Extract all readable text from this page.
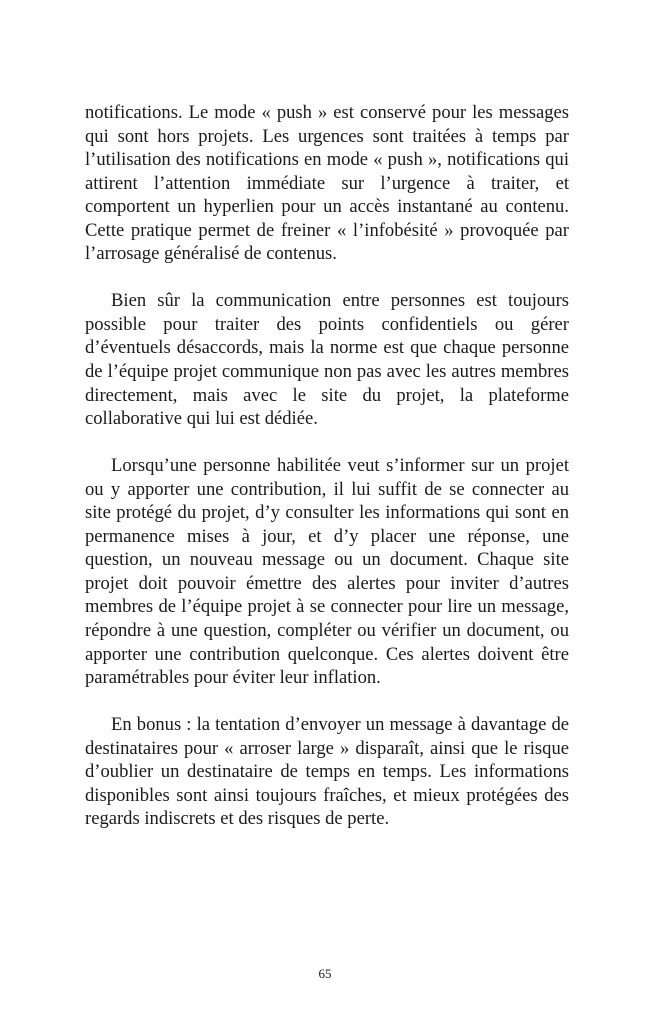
notifications. Le mode « push » est conservé pour les messages qui sont hors projets. Les urgences sont traitées à temps par l’utilisation des notifications en mode « push », notifications qui attirent l’attention immédiate sur l’urgence à traiter, et comportent un hyperlien pour un accès instantané au contenu. Cette pratique permet de freiner « l’infobésité » provoquée par l’arrosage généralisé de contenus.

Bien sûr la communication entre personnes est toujours possible pour traiter des points confidentiels ou gérer d’éventuels désaccords, mais la norme est que chaque personne de l’équipe projet communique non pas avec les autres membres directement, mais avec le site du projet, la plateforme collaborative qui lui est dédiée.

Lorsqu’une personne habilitée veut s’informer sur un projet ou y apporter une contribution, il lui suffit de se connecter au site protégé du projet, d’y consulter les informations qui sont en permanence mises à jour, et d’y placer une réponse, une question, un nouveau message ou un document. Chaque site projet doit pouvoir émettre des alertes pour inviter d’autres membres de l’équipe projet à se connecter pour lire un message, répondre à une question, compléter ou vérifier un document, ou apporter une contribution quelconque. Ces alertes doivent être paramétrables pour éviter leur inflation.

En bonus : la tentation d’envoyer un message à davantage de destinataires pour « arroser large » disparaît, ainsi que le risque d’oublier un destinataire de temps en temps. Les informations disponibles sont ainsi toujours fraîches, et mieux protégées des regards indiscrets et des risques de perte.

65
